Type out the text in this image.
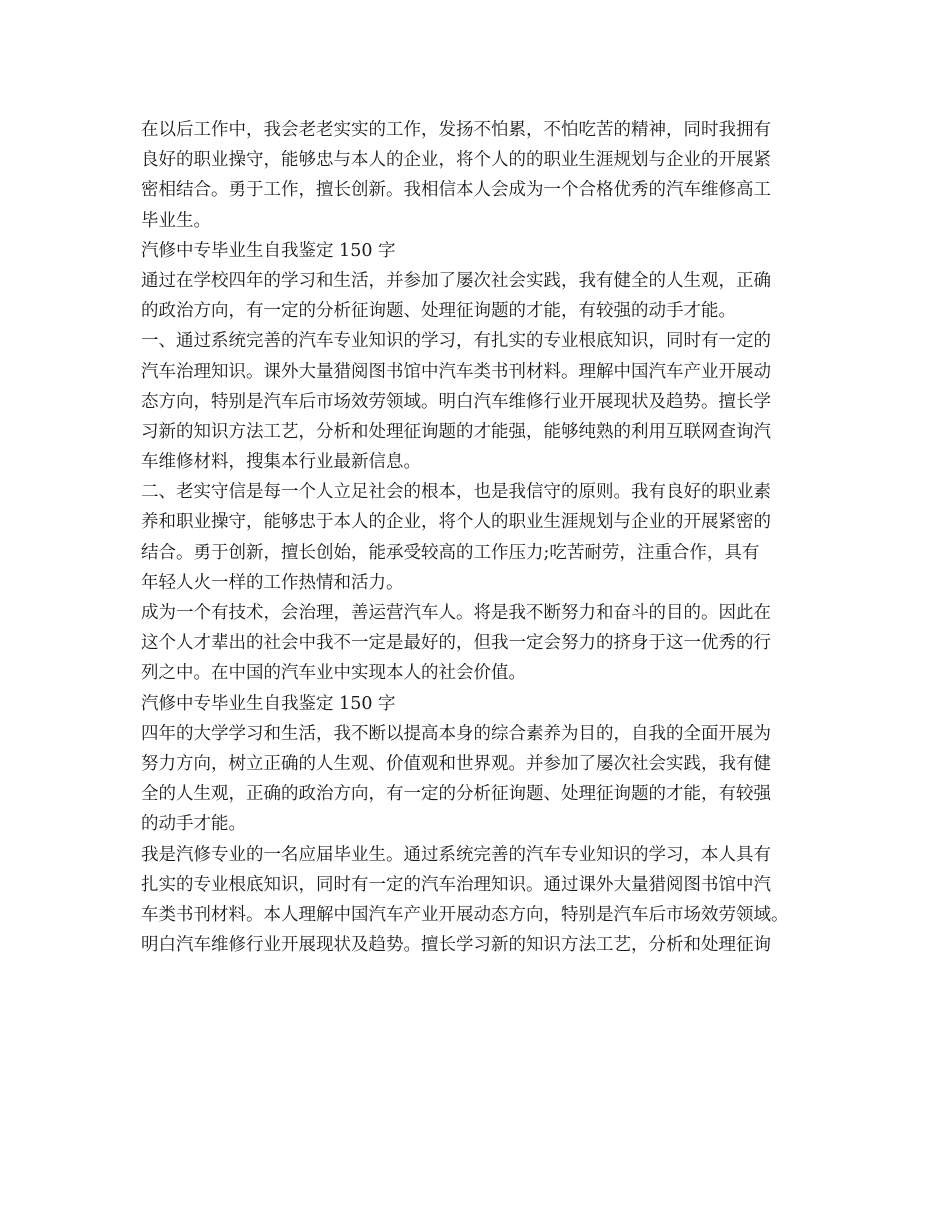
在以后工作中，我会老老实实的工作，发扬不怕累，不怕吃苦的精神，同时我拥有
良好的职业操守，能够忠与本人的企业，将个人的的职业生涯规划与企业的开展紧
密相结合。勇于工作，擅长创新。我相信本人会成为一个合格优秀的汽车维修高工
毕业生。
汽修中专毕业生自我鉴定 150 字
通过在学校四年的学习和生活，并参加了屡次社会实践，我有健全的人生观，正确
的政治方向，有一定的分析征询题、处理征询题的才能，有较强的动手才能。
一、通过系统完善的汽车专业知识的学习，有扎实的专业根底知识，同时有一定的
汽车治理知识。课外大量猎阅图书馆中汽车类书刊材料。理解中国汽车产业开展动
态方向，特别是汽车后市场效劳领域。明白汽车维修行业开展现状及趋势。擅长学
习新的知识方法工艺，分析和处理征询题的才能强，能够纯熟的利用互联网查询汽
车维修材料，搜集本行业最新信息。
二、老实守信是每一个人立足社会的根本，也是我信守的原则。我有良好的职业素
养和职业操守，能够忠于本人的企业，将个人的职业生涯规划与企业的开展紧密的
结合。勇于创新，擅长创始，能承受较高的工作压力;吃苦耐劳，注重合作，具有
年轻人火一样的工作热情和活力。
成为一个有技术，会治理，善运营汽车人。将是我不断努力和奋斗的目的。因此在
这个人才辈出的社会中我不一定是最好的，但我一定会努力的挤身于这一优秀的行
列之中。在中国的汽车业中实现本人的社会价值。
汽修中专毕业生自我鉴定 150 字
四年的大学学习和生活，我不断以提高本身的综合素养为目的，自我的全面开展为
努力方向，树立正确的人生观、价值观和世界观。并参加了屡次社会实践，我有健
全的人生观，正确的政治方向，有一定的分析征询题、处理征询题的才能，有较强
的动手才能。
我是汽修专业的一名应届毕业生。通过系统完善的汽车专业知识的学习，本人具有
扎实的专业根底知识，同时有一定的汽车治理知识。通过课外大量猎阅图书馆中汽
车类书刊材料。本人理解中国汽车产业开展动态方向，特别是汽车后市场效劳领域。
明白汽车维修行业开展现状及趋势。擅长学习新的知识方法工艺，分析和处理征询
